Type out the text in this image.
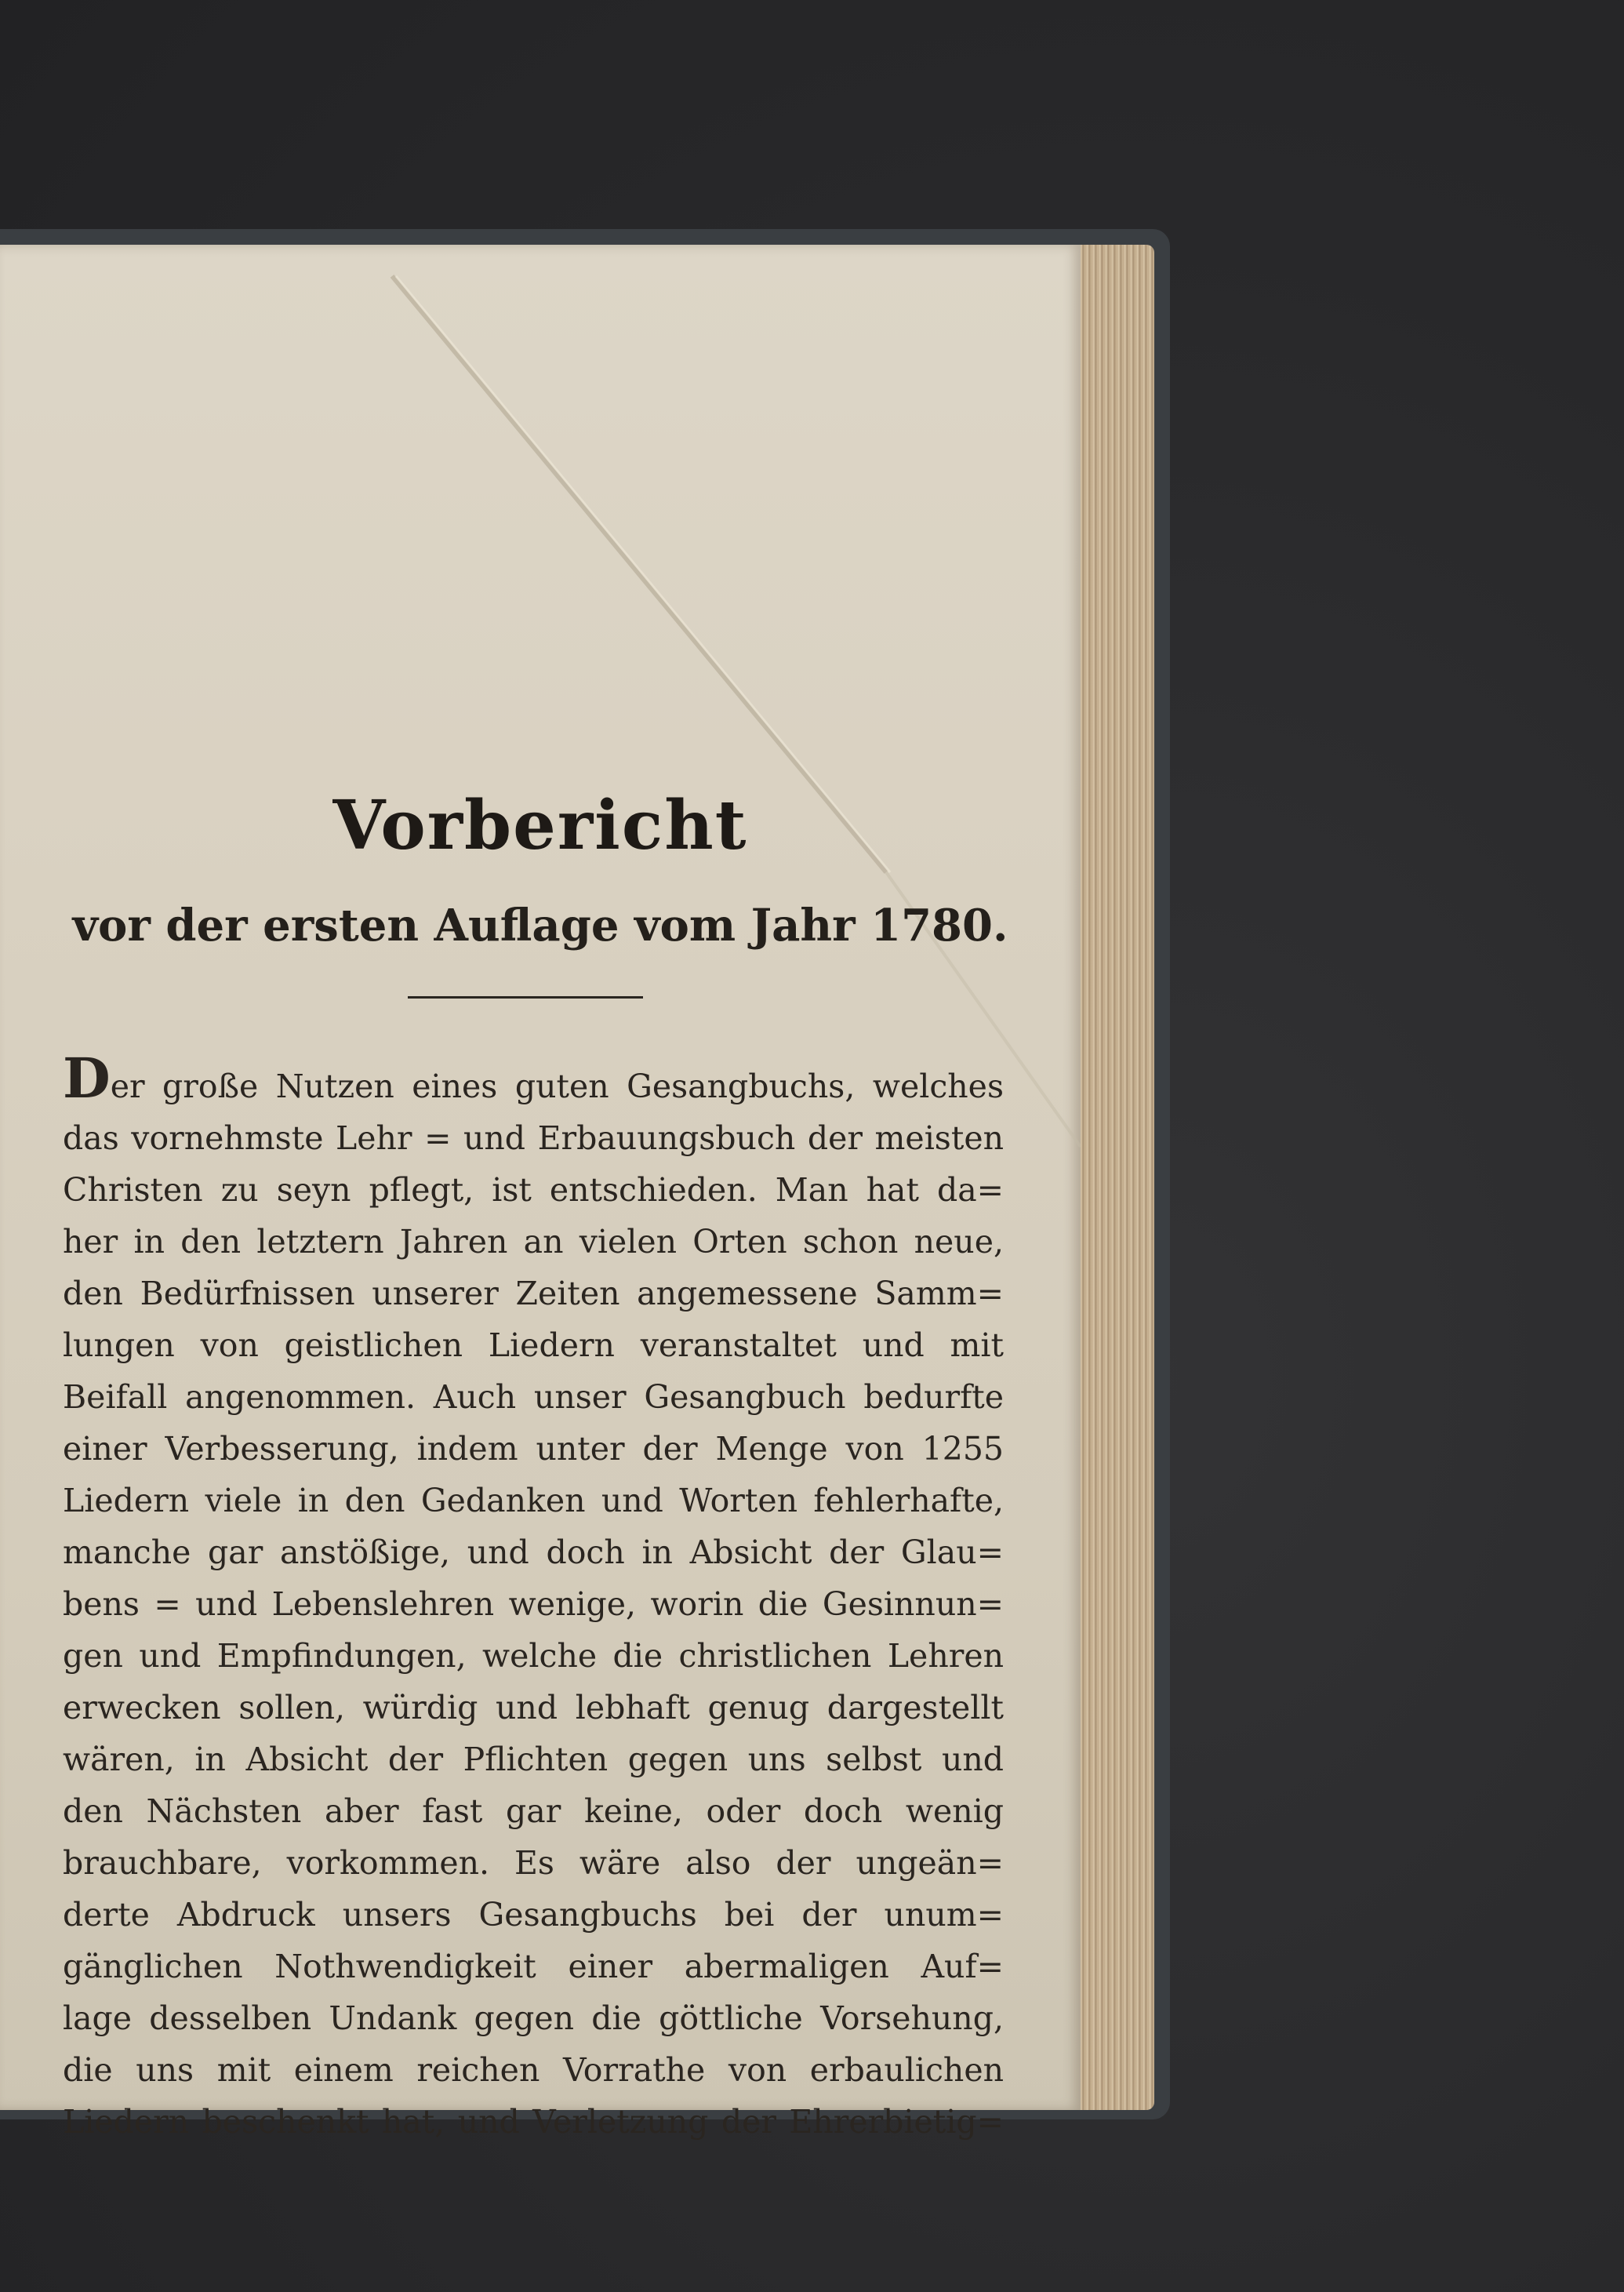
Vorbericht
vor der ersten Auflage vom Jahr 1780.
Der große Nutzen eines guten Gesangbuchs, welches
das vornehmste Lehr = und Erbauungsbuch der meisten
Christen zu seyn pflegt, ist entschieden. Man hat da=
her in den letztern Jahren an vielen Orten schon neue,
den Bedürfnissen unserer Zeiten angemessene Samm=
lungen von geistlichen Liedern veranstaltet und mit
Beifall angenommen. Auch unser Gesangbuch bedurfte
einer Verbesserung, indem unter der Menge von 1255
Liedern viele in den Gedanken und Worten fehlerhafte,
manche gar anstößige, und doch in Absicht der Glau=
bens = und Lebenslehren wenige, worin die Gesinnun=
gen und Empfindungen, welche die christlichen Lehren
erwecken sollen, würdig und lebhaft genug dargestellt
wären, in Absicht der Pflichten gegen uns selbst und
den Nächsten aber fast gar keine, oder doch wenig
brauchbare, vorkommen. Es wäre also der ungeän=
derte Abdruck unsers Gesangbuchs bei der unum=
gänglichen Nothwendigkeit einer abermaligen Auf=
lage desselben Undank gegen die göttliche Vorsehung,
die uns mit einem reichen Vorrathe von erbaulichen
Liedern beschenkt hat, und Verletzung der Ehrerbietig=
